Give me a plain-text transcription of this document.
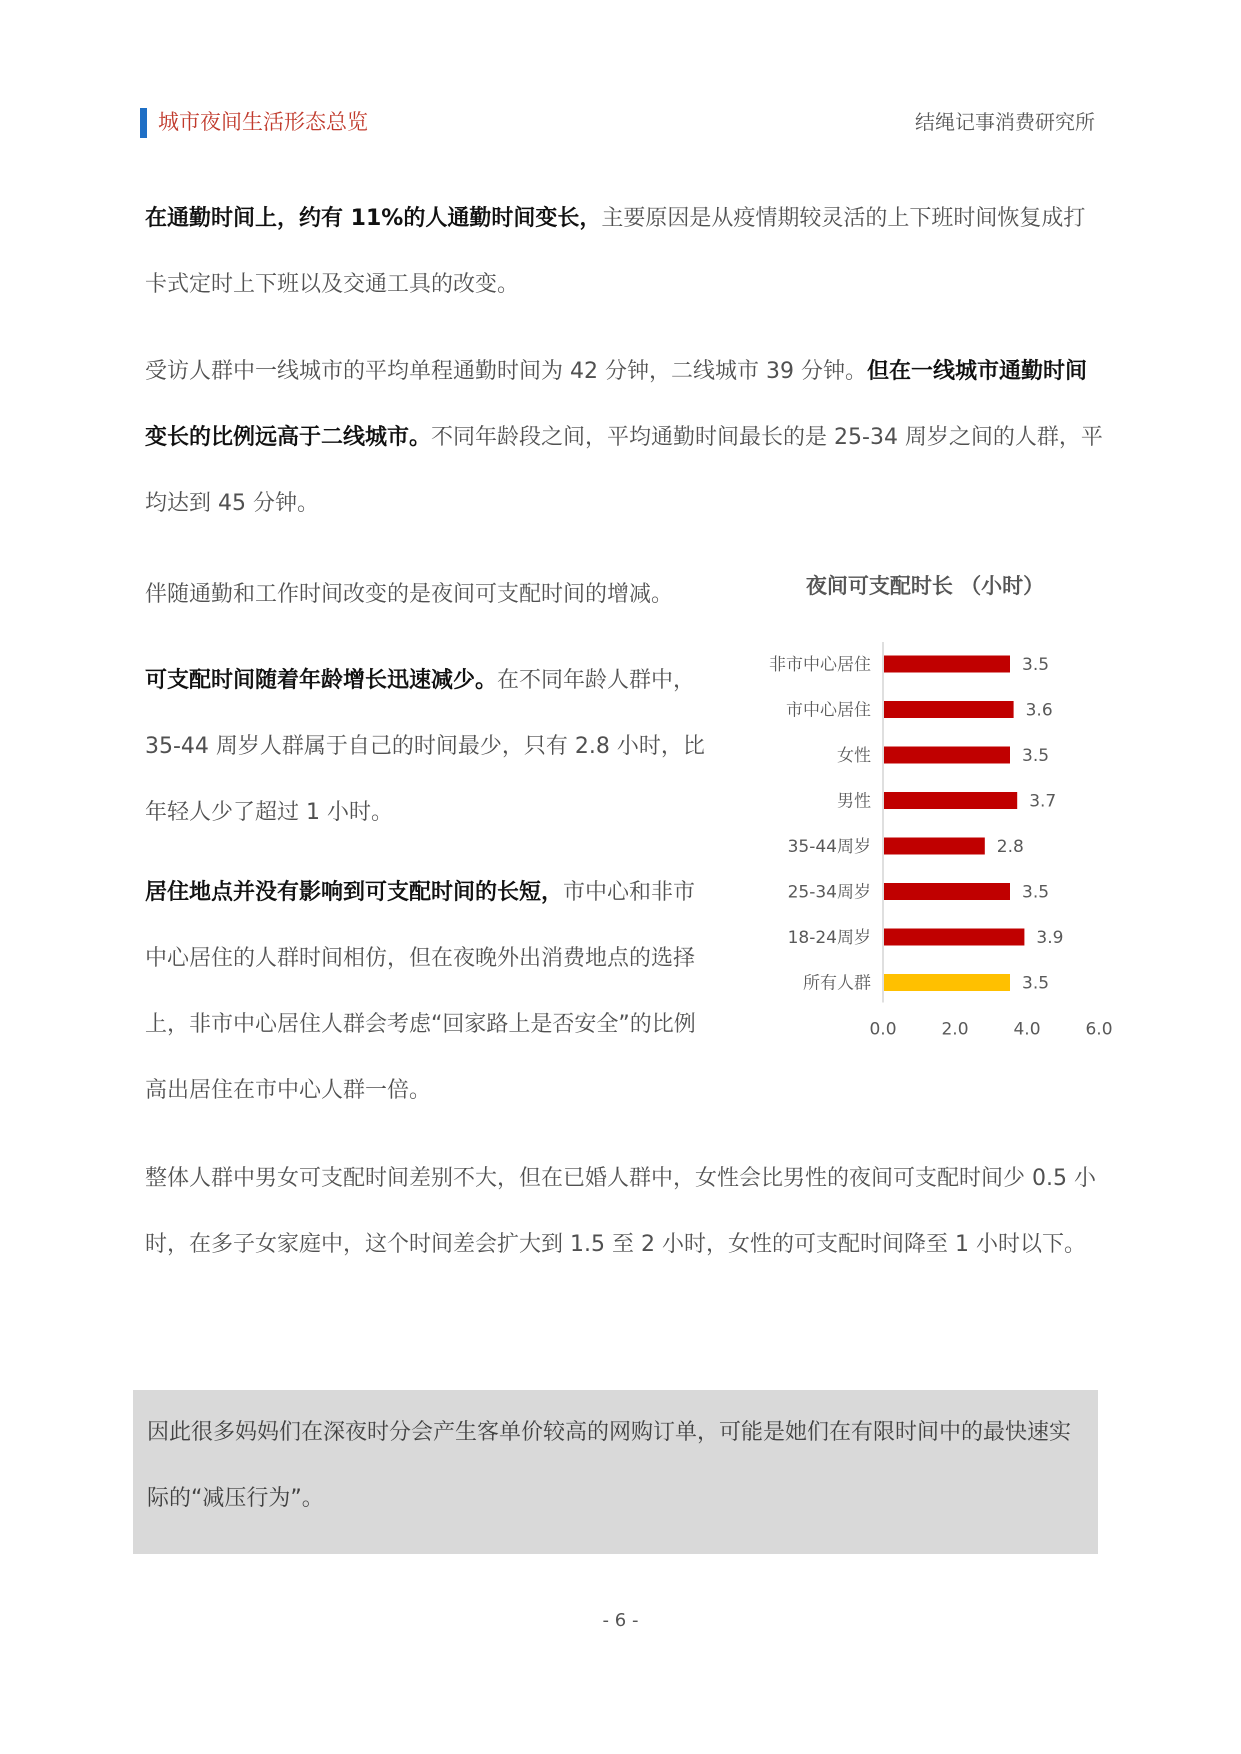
城市夜间生活形态总览	结绳记事消费研究所

在通勤时间上，约有 11%的人通勤时间变长，主要原因是从疫情期较灵活的上下班时间恢复成打卡式定时上下班以及交通工具的改变。

受访人群中一线城市的平均单程通勤时间为 42 分钟，二线城市 39 分钟。但在一线城市通勤时间变长的比例远高于二线城市。不同年龄段之间，平均通勤时间最长的是 25-34 周岁之间的人群，平均达到 45 分钟。

伴随通勤和工作时间改变的是夜间可支配时间的增减。

可支配时间随着年龄增长迅速减少。在不同年龄人群中，35-44 周岁人群属于自己的时间最少，只有 2.8 小时，比年轻人少了超过 1 小时。

居住地点并没有影响到可支配时间的长短，市中心和非市中心居住的人群时间相仿，但在夜晚外出消费地点的选择上，非市中心居住人群会考虑“回家路上是否安全”的比例高出居住在市中心人群一倍。

整体人群中男女可支配时间差别不大，但在已婚人群中，女性会比男性的夜间可支配时间少 0.5 小时，在多子女家庭中，这个时间差会扩大到 1.5 至 2 小时，女性的可支配时间降至 1 小时以下。

夜间可支配时长 （小时）
非市中心居住	3.5
市中心居住	3.6
女性	3.5
男性	3.7
35-44周岁	2.8
25-34周岁	3.5
18-24周岁	3.9
所有人群	3.5
0.0	2.0	4.0	6.0

因此很多妈妈们在深夜时分会产生客单价较高的网购订单，可能是她们在有限时间中的最快速实际的“减压行为”。

- 6 -
